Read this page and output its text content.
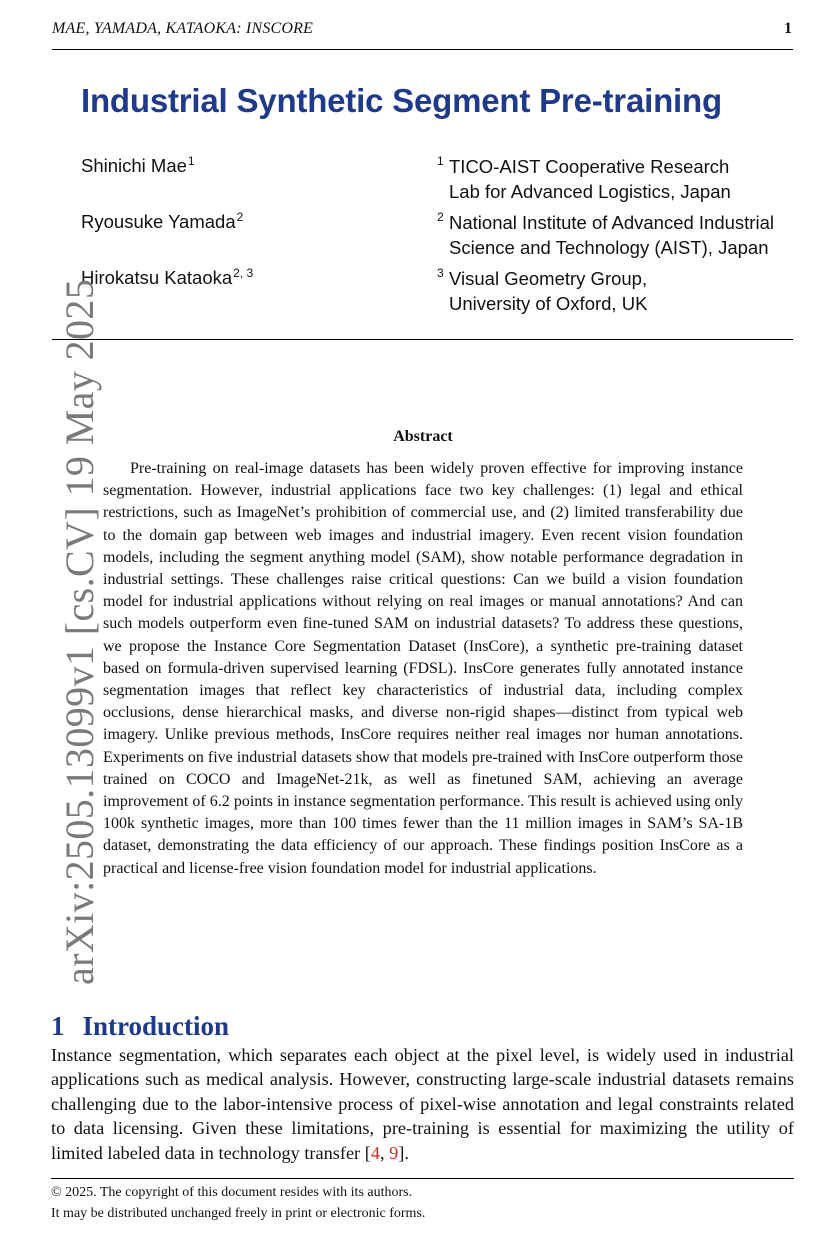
MAE, YAMADA, KATAOKA: INSCORE	1
Industrial Synthetic Segment Pre-training
Shinichi Mae$^1$
Ryousuke Yamada$^2$
Hirokatsu Kataoka$^{2, 3}$
1 TICO-AIST Cooperative Research
Lab for Advanced Logistics, Japan
2 National Institute of Advanced Industrial
Science and Technology (AIST), Japan
3 Visual Geometry Group,
University of Oxford, UK
arXiv:2505.13099v1 [cs.CV] 19 May 2025	Abstract

Pre-training on real-image datasets has been widely proven effective for improving instance segmentation. However, industrial applications face two key challenges: (1) legal and ethical restrictions, such as ImageNet’s prohibition of commercial use, and (2) limited transferability due to the domain gap between web images and industrial imagery. Even recent vision foundation models, including the segment anything model (SAM), show notable performance degradation in industrial settings. These challenges raise critical questions: Can we build a vision foundation model for industrial applications without relying on real images or manual annotations? And can such models outperform even fine-tuned SAM on industrial datasets? To address these questions, we propose the Instance Core Segmentation Dataset (InsCore), a synthetic pre-training dataset based on formula-driven supervised learning (FDSL). InsCore generates fully annotated instance segmentation images that reflect key characteristics of industrial data, including complex occlusions, dense hierarchical masks, and diverse non-rigid shapes—distinct from typical web imagery. Unlike previous methods, InsCore requires neither real images nor human annotations. Experiments on five industrial datasets show that models pre-trained with InsCore outperform those trained on COCO and ImageNet-21k, as well as finetuned SAM, achieving an average improvement of 6.2 points in instance segmentation performance. This result is achieved using only 100k synthetic images, more than 100 times fewer than the 11 million images in SAM’s SA-1B dataset, demonstrating the data efficiency of our approach. These findings position InsCore as a practical and license-free vision foundation model for industrial applications.

1 Introduction

Instance segmentation, which separates each object at the pixel level, is widely used in industrial applications such as medical analysis. However, constructing large-scale industrial datasets remains challenging due to the labor-intensive process of pixel-wise annotation and legal constraints related to data licensing. Given these limitations, pre-training is essential for maximizing the utility of limited labeled data in technology transfer [4, 9].

© 2025. The copyright of this document resides with its authors.
It may be distributed unchanged freely in print or electronic forms.
